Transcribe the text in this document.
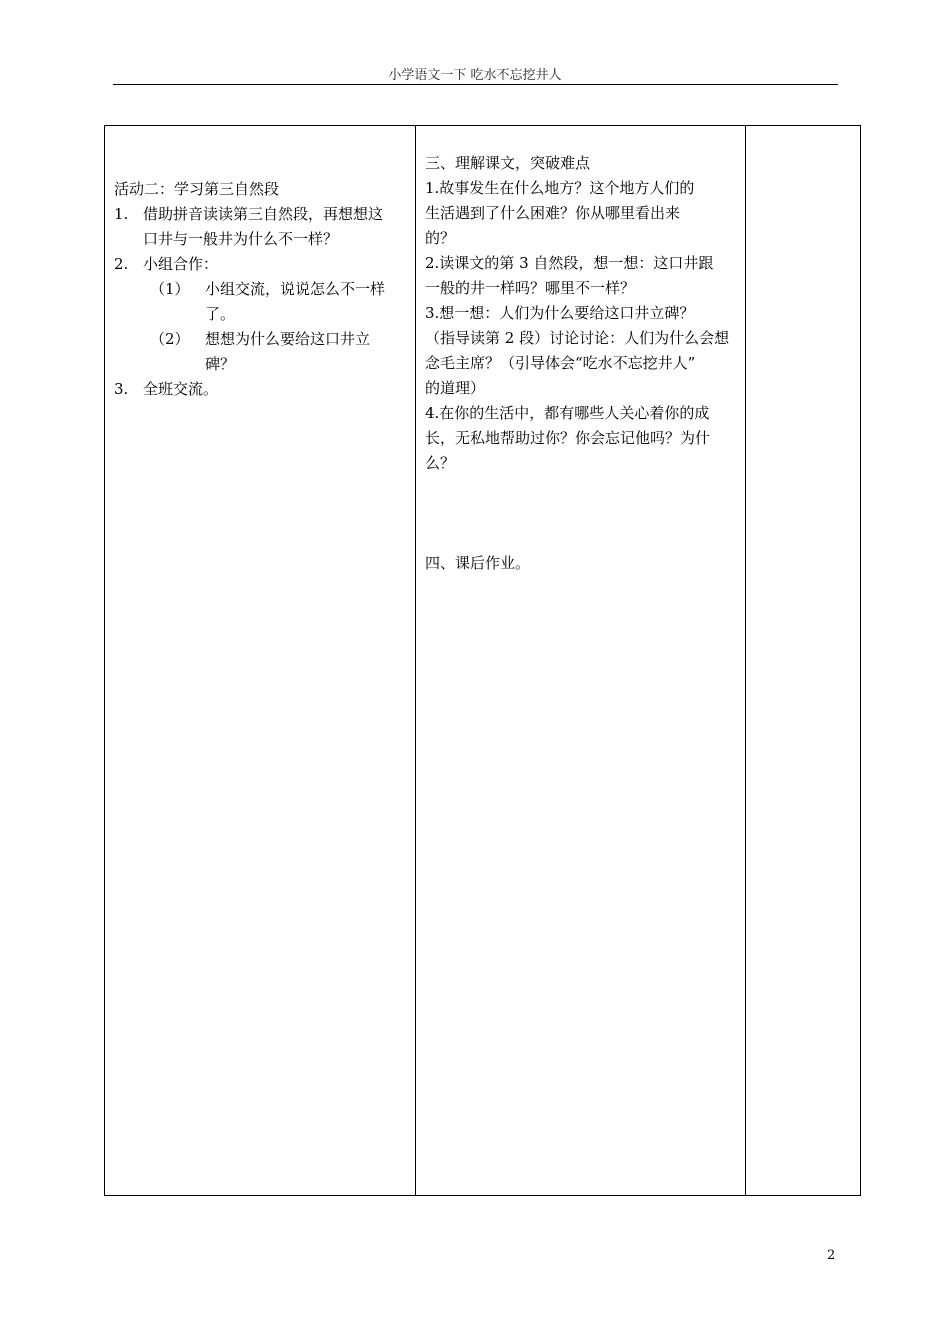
小学语文一下 吃水不忘挖井人
活动二：学习第三自然段
1. 借助拼音读读第三自然段，再想想这
口井与一般井为什么不一样？
2. 小组合作：
（1）	小组交流，说说怎么不一样
了。
（2）	想想为什么要给这口井立
碑？
3. 全班交流。
三、理解课文，突破难点
1.故事发生在什么地方？这个地方人们的
生活遇到了什么困难？你从哪里看出来
的？
2.读课文的第 3 自然段，想一想：这口井跟
一般的井一样吗？哪里不一样？
3.想一想：人们为什么要给这口井立碑？
（指导读第 2 段）讨论讨论：人们为什么会想
念毛主席？（引导体会“吃水不忘挖井人”
的道理）
4.在你的生活中，都有哪些人关心着你的成
长，无私地帮助过你？你会忘记他吗？为什
么？
四、课后作业。
2
